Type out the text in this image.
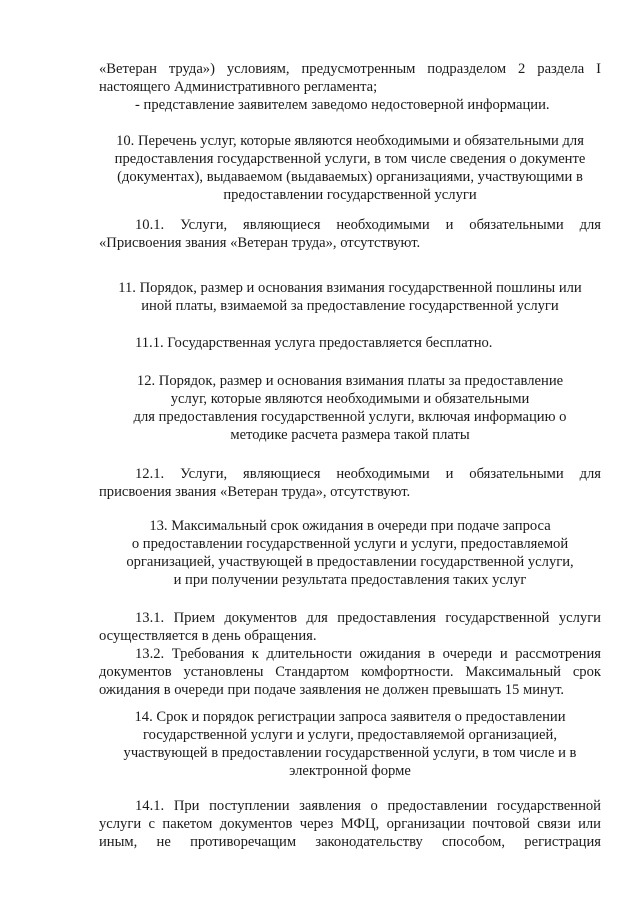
«Ветеран труда») условиям, предусмотренным подразделом 2 раздела I
настоящего Административного регламента;
- представление заявителем заведомо недостоверной информации.
10. Перечень услуг, которые являются необходимыми и обязательными для
предоставления государственной услуги, в том числе сведения о документе
(документах), выдаваемом (выдаваемых) организациями, участвующими в
предоставлении государственной услуги
10.1. Услуги, являющиеся необходимыми и обязательными для
«Присвоения звания «Ветеран труда», отсутствуют.
11. Порядок, размер и основания взимания государственной пошлины или
иной платы, взимаемой за предоставление государственной услуги
11.1. Государственная услуга предоставляется бесплатно.
12. Порядок, размер и основания взимания платы за предоставление
услуг, которые являются необходимыми и обязательными
для предоставления государственной услуги, включая информацию о
методике расчета размера такой платы
12.1. Услуги, являющиеся необходимыми и обязательными для
присвоения звания «Ветеран труда», отсутствуют.
13. Максимальный срок ожидания в очереди при подаче запроса
о предоставлении государственной услуги и услуги, предоставляемой
организацией, участвующей в предоставлении государственной услуги,
и при получении результата предоставления таких услуг
13.1. Прием документов для предоставления государственной услуги
осуществляется в день обращения.
13.2. Требования к длительности ожидания в очереди и рассмотрения
документов установлены Стандартом комфортности. Максимальный срок
ожидания в очереди при подаче заявления не должен превышать 15 минут.
14. Срок и порядок регистрации запроса заявителя о предоставлении
государственной услуги и услуги, предоставляемой организацией,
участвующей в предоставлении государственной услуги, в том числе и в
электронной форме
14.1. При поступлении заявления о предоставлении государственной
услуги с пакетом документов через МФЦ, организации почтовой связи или
иным, не противоречащим законодательству способом, регистрация
